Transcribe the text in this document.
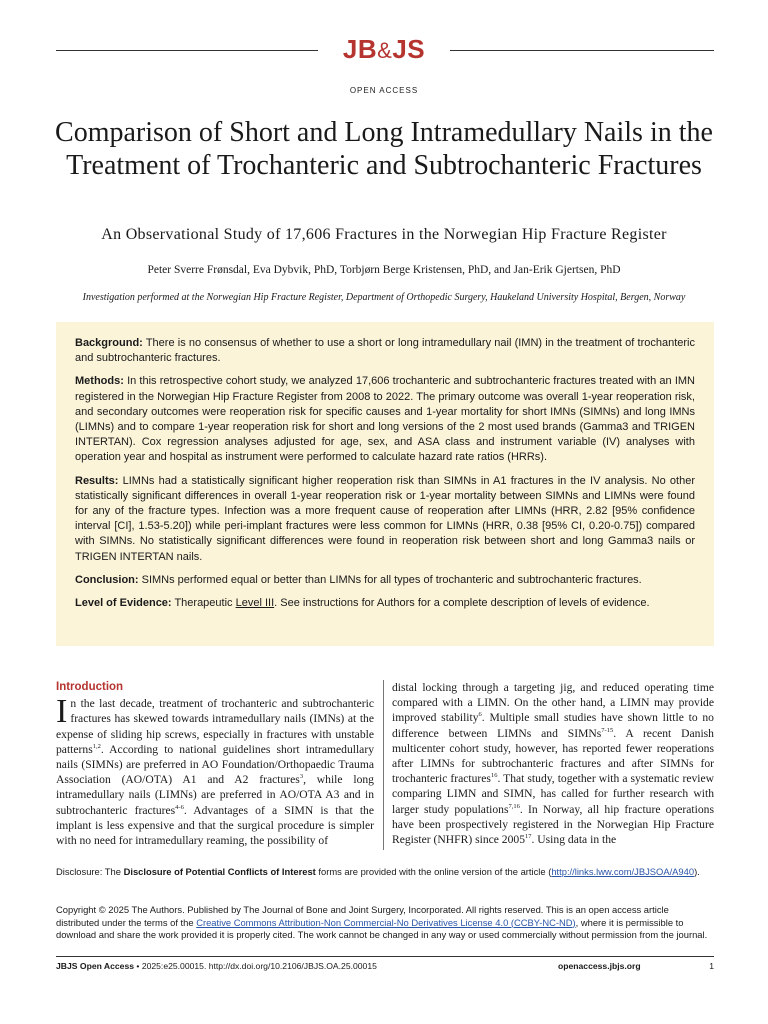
JB&JS
OPEN ACCESS
Comparison of Short and Long Intramedullary Nails in the Treatment of Trochanteric and Subtrochanteric Fractures
An Observational Study of 17,606 Fractures in the Norwegian Hip Fracture Register
Peter Sverre Frønsdal, Eva Dybvik, PhD, Torbjørn Berge Kristensen, PhD, and Jan-Erik Gjertsen, PhD
Investigation performed at the Norwegian Hip Fracture Register, Department of Orthopedic Surgery, Haukeland University Hospital, Bergen, Norway

Background: There is no consensus of whether to use a short or long intramedullary nail (IMN) in the treatment of trochanteric and subtrochanteric fractures.

Methods: In this retrospective cohort study, we analyzed 17,606 trochanteric and subtrochanteric fractures treated with an IMN registered in the Norwegian Hip Fracture Register from 2008 to 2022. The primary outcome was overall 1-year reoperation risk, and secondary outcomes were reoperation risk for specific causes and 1-year mortality for short IMNs (SIMNs) and long IMNs (LIMNs) and to compare 1-year reoperation risk for short and long versions of the 2 most used brands (Gamma3 and TRIGEN INTERTAN). Cox regression analyses adjusted for age, sex, and ASA class and instrument variable (IV) analyses with operation year and hospital as instrument were performed to calculate hazard rate ratios (HRRs).

Results: LIMNs had a statistically significant higher reoperation risk than SIMNs in A1 fractures in the IV analysis. No other statistically significant differences in overall 1-year reoperation risk or 1-year mortality between SIMNs and LIMNs were found for any of the fracture types. Infection was a more frequent cause of reoperation after LIMNs (HRR, 2.82 [95% confidence interval [CI], 1.53-5.20]) while peri-implant fractures were less common for LIMNs (HRR, 0.38 [95% CI, 0.20-0.75]) compared with SIMNs. No statistically significant differences were found in reoperation risk between short and long Gamma3 nails or TRIGEN INTERTAN nails.

Conclusion: SIMNs performed equal or better than LIMNs for all types of trochanteric and subtrochanteric fractures.

Level of Evidence: Therapeutic Level III. See instructions for Authors for a complete description of levels of evidence.

Introduction
In the last decade, treatment of trochanteric and subtrochanteric fractures has skewed towards intramedullary nails (IMNs) at the expense of sliding hip screws, especially in fractures with unstable patterns$^{1,2}$. According to national guidelines short intramedullary nails (SIMNs) are preferred in AO Foundation/Orthopaedic Trauma Association (AO/OTA) A1 and A2 fractures$^3$, while long intramedullary nails (LIMNs) are preferred in AO/OTA A3 and in subtrochanteric fractures$^{4-6}$. Advantages of a SIMN is that the implant is less expensive and that the surgical procedure is simpler with no need for intramedullary reaming, the possibility of
distal locking through a targeting jig, and reduced operating time compared with a LIMN. On the other hand, a LIMN may provide improved stability$^6$. Multiple small studies have shown little to no difference between LIMNs and SIMNs$^{7-15}$. A recent Danish multicenter cohort study, however, has reported fewer reoperations after LIMNs for subtrochanteric fractures and after SIMNs for trochanteric fractures$^{16}$. That study, together with a systematic review comparing LIMN and SIMN, has called for further research with larger study populations$^{7,16}$. In Norway, all hip fracture operations have been prospectively registered in the Norwegian Hip Fracture Register (NHFR) since 2005$^{17}$. Using data in the
Disclosure: The Disclosure of Potential Conflicts of Interest forms are provided with the online version of the article (http://links.lww.com/JBJSOA/A940).
Copyright © 2025 The Authors. Published by The Journal of Bone and Joint Surgery, Incorporated. All rights reserved. This is an open access article distributed under the terms of the Creative Commons Attribution-Non Commercial-No Derivatives License 4.0 (CCBY-NC-ND), where it is permissible to download and share the work provided it is properly cited. The work cannot be changed in any way or used commercially without permission from the journal.
JBJS Open Access • 2025:e25.00015. http://dx.doi.org/10.2106/JBJS.OA.25.00015	openaccess.jbjs.org	1
